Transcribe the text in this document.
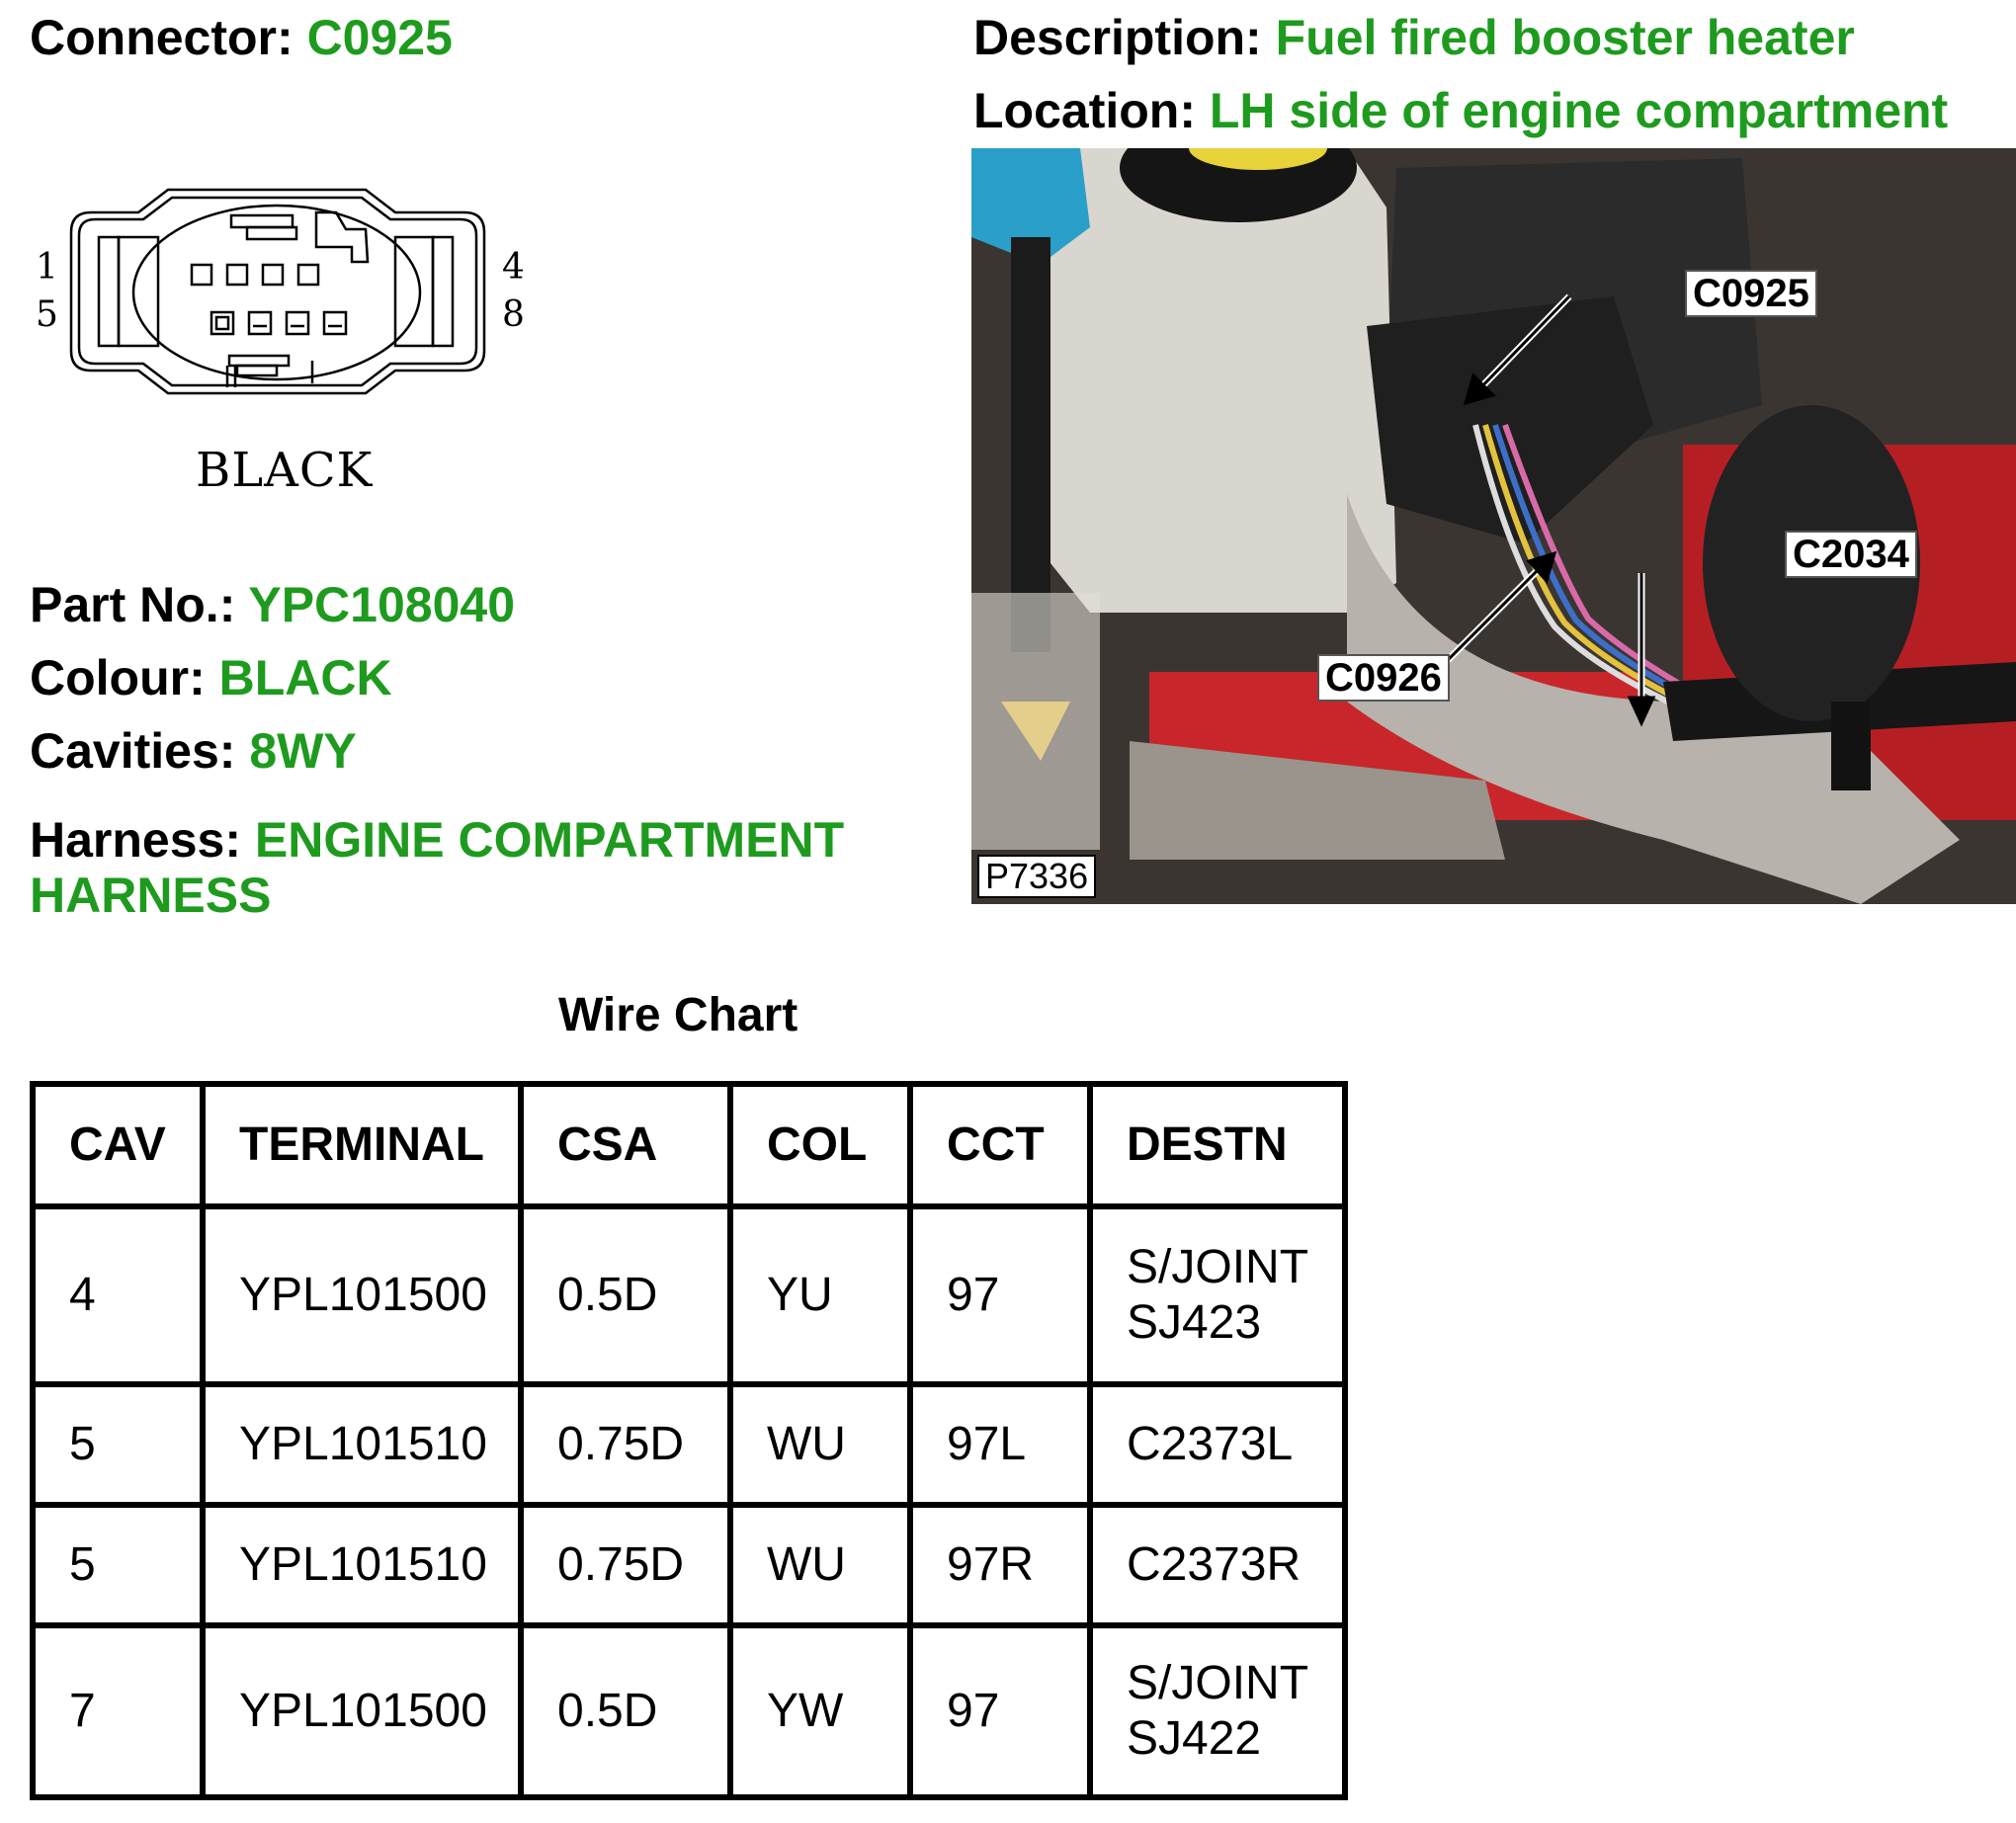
Connector: C0925	Description: Fuel fired booster heater
Location: LH side of engine compartment
1
5
4
8
BLACK
C0925
C2034
C0926
P7336
Part No.: YPC108040
Colour: BLACK
Cavities: 8WY
Harness: ENGINE COMPARTMENT HARNESS
Wire Chart
CAV	TERMINAL	CSA	COL	CCT	DESTN
4	YPL101500	0.5D	YU	97	S/JOINT
SJ423

5	YPL101510	0.75D	WU	97L	C2373L

5	YPL101510	0.75D	WU	97R	C2373R

7	YPL101500	0.5D	YW	97	S/JOINT
SJ422
